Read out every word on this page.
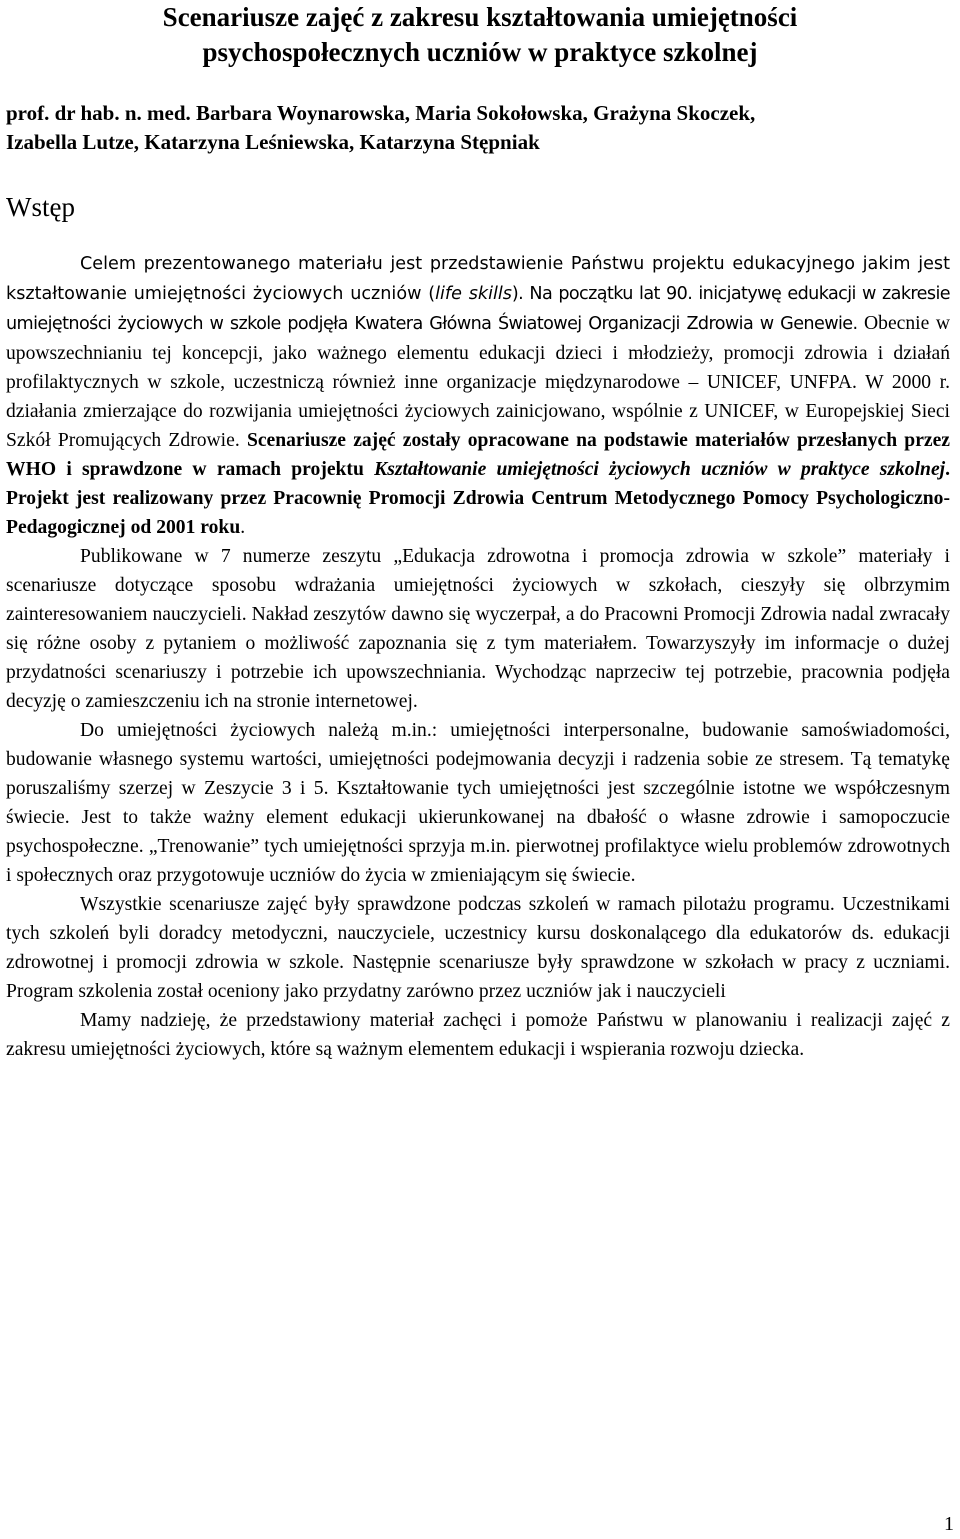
Scenariusze zajęć z zakresu kształtowania umiejętności
psychospołecznych uczniów w praktyce szkolnej
prof. dr hab. n. med. Barbara Woynarowska, Maria Sokołowska, Grażyna Skoczek,
Izabella Lutze, Katarzyna Leśniewska, Katarzyna Stępniak
Wstęp

Celem prezentowanego materiału jest przedstawienie Państwu projektu edukacyjnego jakim jest kształtowanie umiejętności życiowych uczniów (life skills). Na początku lat 90. inicjatywę edukacji w zakresie umiejętności życiowych w szkole podjęła Kwatera Główna Światowej Organizacji Zdrowia w Genewie. Obecnie w upowszechnianiu tej koncepcji, jako ważnego elementu edukacji dzieci i młodzieży, promocji zdrowia i działań profilaktycznych w szkole, uczestniczą również inne organizacje międzynarodowe – UNICEF, UNFPA. W 2000 r. działania zmierzające do rozwijania umiejętności życiowych zainicjowano, wspólnie z UNICEF, w Europejskiej Sieci Szkół Promujących Zdrowie. Scenariusze zajęć zostały opracowane na podstawie materiałów przesłanych przez WHO i sprawdzone w ramach projektu Kształtowanie umiejętności życiowych uczniów w praktyce szkolnej. Projekt jest realizowany przez Pracownię Promocji Zdrowia Centrum Metodycznego Pomocy Psychologiczno-Pedagogicznej od 2001 roku.

Publikowane w 7 numerze zeszytu „Edukacja zdrowotna i promocja zdrowia w szkole” materiały i scenariusze dotyczące sposobu wdrażania umiejętności życiowych w szkołach, cieszyły się olbrzymim zainteresowaniem nauczycieli. Nakład zeszytów dawno się wyczerpał, a do Pracowni Promocji Zdrowia nadal zwracały się różne osoby z pytaniem o możliwość zapoznania się z tym materiałem. Towarzyszyły im informacje o dużej przydatności scenariuszy i potrzebie ich upowszechniania. Wychodząc naprzeciw tej potrzebie, pracownia podjęła decyzję o zamieszczeniu ich na stronie internetowej.

Do umiejętności życiowych należą m.in.: umiejętności interpersonalne, budowanie samoświadomości, budowanie własnego systemu wartości, umiejętności podejmowania decyzji i radzenia sobie ze stresem. Tą tematykę poruszaliśmy szerzej w Zeszycie 3 i 5. Kształtowanie tych umiejętności jest szczególnie istotne we współczesnym świecie. Jest to także ważny element edukacji ukierunkowanej na dbałość o własne zdrowie i samopoczucie psychospołeczne. „Trenowanie” tych umiejętności sprzyja m.in. pierwotnej profilaktyce wielu problemów zdrowotnych i społecznych oraz przygotowuje uczniów do życia w zmieniającym się świecie.

Wszystkie scenariusze zajęć były sprawdzone podczas szkoleń w ramach pilotażu programu. Uczestnikami tych szkoleń byli doradcy metodyczni, nauczyciele, uczestnicy kursu doskonalącego dla edukatorów ds. edukacji zdrowotnej i promocji zdrowia w szkole. Następnie scenariusze były sprawdzone w szkołach w pracy z uczniami. Program szkolenia został oceniony jako przydatny zarówno przez uczniów jak i nauczycieli

Mamy nadzieję, że przedstawiony materiał zachęci i pomoże Państwu w planowaniu i realizacji zajęć z zakresu umiejętności życiowych, które są ważnym elementem edukacji i wspierania rozwoju dziecka.

1
